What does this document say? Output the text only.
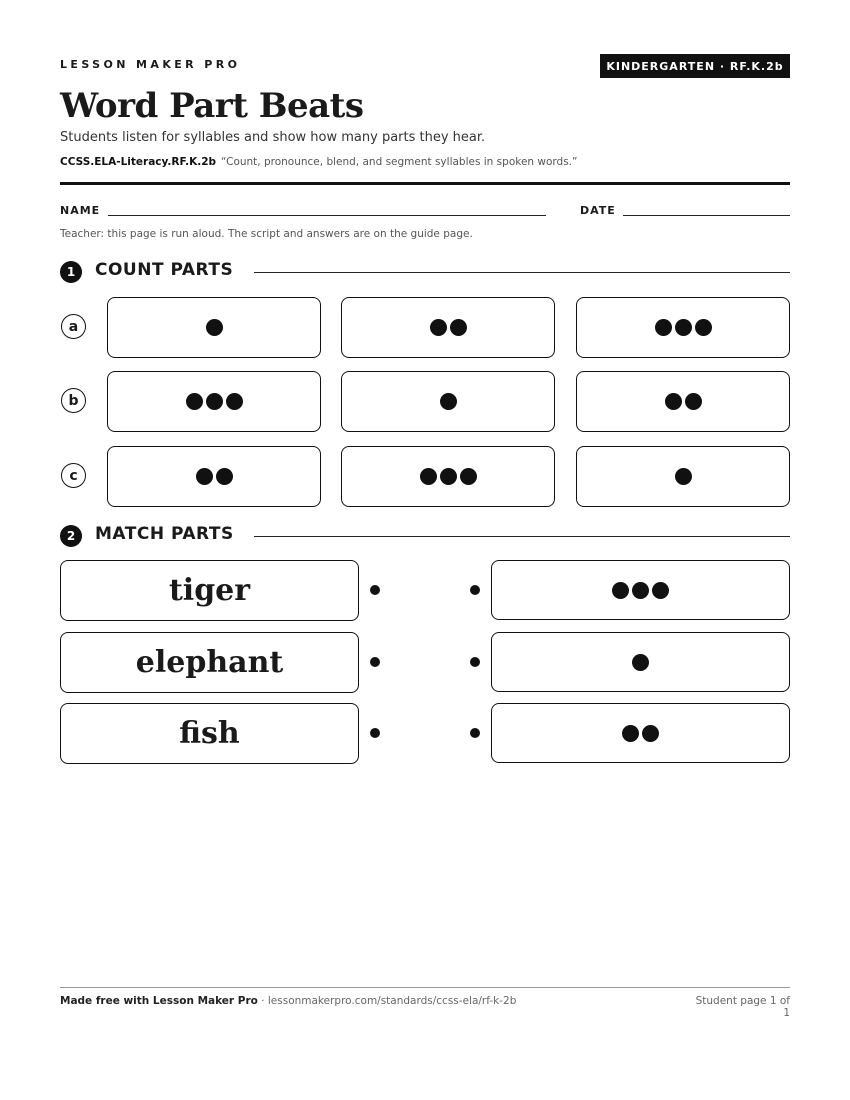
LESSON MAKER PRO	KINDERGARTEN · RF.K.2b
Word Part Beats
Students listen for syllables and show how many parts they hear.
CCSS.ELA-Literacy.RF.K.2b “Count, pronounce, blend, and segment syllables in spoken words.”
NAME	DATE
Teacher: this page is run aloud. The script and answers are on the guide page.
1	COUNT PARTS
a
b
c
2	MATCH PARTS
tiger
elephant
fish
Made free with Lesson Maker Pro · lessonmakerpro.com/standards/ccss-ela/rf-k-2b	Student page 1 of 1
